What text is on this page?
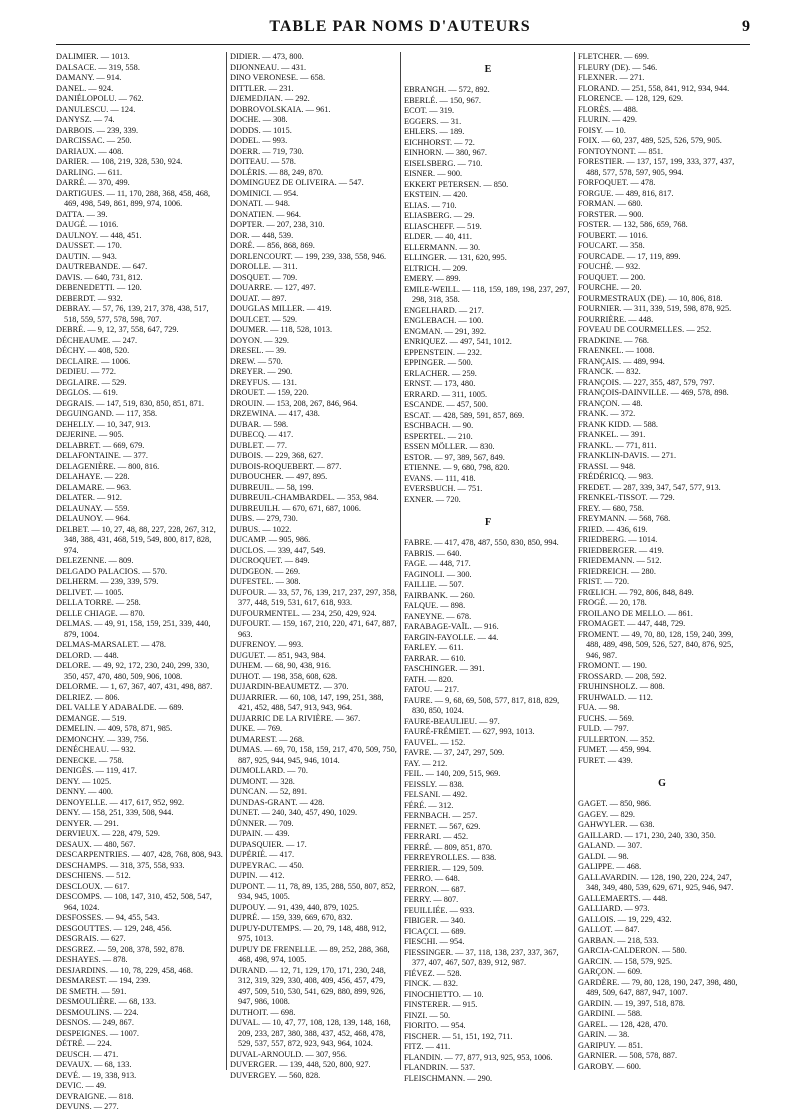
TABLE PAR NOMS D'AUTEURS	9
DALIMIER. — 1013.
DALSACE. — 319, 558.
DAMANY. — 914.
DANEL. — 924.
DANIÉLOPOLU. — 762.
DANULESCU. — 124.
DANYSZ. — 74.
DARBOIS. — 239, 339.
DARCISSAC. — 250.
DARIAUX. — 408.
DARIER. — 108, 219, 328, 530, 924.
DARLING. — 611.
DARRÉ. — 370, 499.
DARTIGUES. — 11, 170, 288, 368, 458, 468, 469, 498, 549, 861, 899, 974, 1006.
DATTA. — 39.
DAUGÉ. — 1016.
DAULNOY. — 448, 451.
DAUSSET. — 170.
DAUTIN. — 943.
DAUTREBANDE. — 647.
DAVIS. — 640, 731, 812.
DEBENEDETTI. — 120.
DEBERDT. — 932.
DEBRAY. — 57, 76, 139, 217, 378, 438, 517, 518, 559, 577, 578, 598, 707.
DEBRÉ. — 9, 12, 37, 558, 647, 729.
DÉCHEAUME. — 247.
DÉCHY. — 408, 520.
DECLAIRE. — 1006.
DEDIEU. — 772.
DEGLAIRE. — 529.
DEGLOS. — 619.
DEGRAIS. — 147, 519, 830, 850, 851, 871.
DEGUINGAND. — 117, 358.
DEHELLY. — 10, 347, 913.
DEJERINE. — 905.
DELABRET. — 669, 679.
DELAFONTAINE. — 377.
DELAGENIÈRE. — 800, 816.
DELAHAYE. — 228.
DELAMARE. — 963.
DELATER. — 912.
DELAUNAY. — 559.
DELAUNOY. — 964.
DELBET. — 10, 27, 48, 88, 227, 228, 267, 312, 348, 388, 431, 468, 519, 549, 800, 817, 828, 974.
DELEZENNE. — 809.
DELGADO PALACIOS. — 570.
DELHERM. — 239, 339, 579.
DELIVET. — 1005.
DELLA TORRE. — 258.
DELLE CHIAGE. — 870.
DELMAS. — 49, 91, 158, 159, 251, 339, 440, 879, 1004.
DELMAS-MARSALET. — 478.
DELORD. — 448.
DELORE. — 49, 92, 172, 230, 240, 299, 330, 350, 457, 470, 480, 509, 906, 1008.
DELORME. — 1, 67, 367, 407, 431, 498, 887.
DELRIEZ. — 806.
DEL VALLE Y ADABALDE. — 689.
DEMANGE. — 519.
DEMELIN. — 409, 578, 871, 985.
DEMONCHY. — 339, 756.
DENÉCHEAU. — 932.
DENECKE. — 758.
DENIGÈS. — 119, 417.
DENY. — 1025.
DENNY. — 400.
DENOYELLE. — 417, 617, 952, 992.
DENY. — 158, 251, 339, 508, 944.
DENYER. — 291.
DERVIEUX. — 228, 479, 529.
DESAUX. — 480, 567.
DESCARPENTRIES. — 407, 428, 768, 808, 943.
DESCHAMPS. — 318, 375, 558, 933.
DESCHIENS. — 512.
DESCLOUX. — 617.
DESCOMPS. — 108, 147, 310, 452, 508, 547, 964, 1024.
DESFOSSES. — 94, 455, 543.
DESGOUTTES. — 129, 248, 456.
DESGRAIS. — 627.
DESGREZ. — 59, 208, 378, 592, 878.
DESHAYES. — 878.
DESJARDINS. — 10, 78, 229, 458, 468.
DESMAREST. — 194, 239.
DE SMETH. — 591.
DESMOULIÈRE. — 68, 133.
DESMOULINS. — 224.
DESNOS. — 249, 867.
DESPEIGNES. — 1007.
DÉTRÉ. — 224.
DEUSCH. — 471.
DEVAUX. — 68, 133.
DEVÉ. — 19, 338, 913.
DEVIC. — 49.
DEVRAIGNE. — 818.
DEVUNS. — 277.
DIDIER. — 473, 800.
DIJONNEAU. — 431.
DINO VERONESE. — 658.
DITTLER. — 231.
DJEMEDJIAN. — 292.
DOBROVOLSKAIA. — 961.
DOCHE. — 308.
DODDS. — 1015.
DODEL. — 993.
DOERR. — 719, 730.
DOITEAU. — 578.
DOLÉRIS. — 88, 249, 870.
DOMINGUEZ DE OLIVEIRA. — 547.
DOMINICI. — 954.
DONATI. — 948.
DONATIEN. — 964.
DOPTER. — 207, 238, 310.
DOR. — 448, 539.
DORÉ. — 856, 868, 869.
DORLENCOURT. — 199, 239, 338, 558, 946.
DOROLLE. — 311.
DOSQUET. — 709.
DOUARRE. — 127, 497.
DOUAT. — 897.
DOUGLAS MILLER. — 419.
DOULCET. — 529.
DOUMER. — 118, 528, 1013.
DOYON. — 329.
DRESEL. — 39.
DREW. — 570.
DREYER. — 290.
DREYFUS. — 131.
DROUET. — 159, 220.
DROUIN. — 153, 208, 267, 846, 964.
DRZEWINA. — 417, 438.
DUBAR. — 598.
DUBECQ. — 417.
DUBLET. — 77.
DUBOIS. — 229, 368, 627.
DUBOIS-ROQUEBERT. — 877.
DUBOUCHER. — 497, 895.
DUBREUIL. — 58, 199.
DUBREUIL-CHAMBARDEL. — 353, 984.
DUBREUILH. — 670, 671, 687, 1006.
DUBS. — 279, 730.
DUBUS. — 1022.
DUCAMP. — 905, 986.
DUCLOS. — 339, 447, 549.
DUCROQUET. — 849.
DUDGEON. — 269.
DUFESTEL. — 308.
DUFOUR. — 33, 57, 76, 139, 217, 237, 297, 358, 377, 448, 519, 531, 617, 618, 933.
DUFOURMENTEL. — 234, 250, 429, 924.
DUFOURT. — 159, 167, 210, 220, 471, 647, 887, 963.
DUFRENOY. — 993.
DUGUET. — 851, 943, 984.
DUHEM. — 68, 90, 438, 916.
DUHOT. — 198, 358, 608, 628.
DUJARDIN-BEAUMETZ. — 370.
DUJARRIER. — 60, 108, 147, 199, 251, 388, 421, 452, 488, 547, 913, 943, 964.
DUJARRIC DE LA RIVIÈRE. — 367.
DUKE. — 769.
DUMAREST. — 268.
DUMAS. — 69, 70, 158, 159, 217, 470, 509, 750, 887, 925, 944, 945, 946, 1014.
DUMOLLARD. — 70.
DUMONT. — 328.
DUNCAN. — 52, 891.
DUNDAS-GRANT. — 428.
DUNET. — 240, 340, 457, 490, 1029.
DÜNNER. — 709.
DUPAIN. — 439.
DUPASQUIER. — 17.
DUPÉRIÉ. — 417.
DUPEYRAC. — 450.
DUPIN. — 412.
DUPONT. — 11, 78, 89, 135, 288, 550, 807, 852, 934, 945, 1005.
DUPOUY. — 91, 439, 440, 879, 1025.
DUPRÉ. — 159, 339, 669, 670, 832.
DUPUY-DUTEMPS. — 20, 79, 148, 488, 912, 975, 1013.
DUPUY DE FRENELLE. — 89, 252, 288, 368, 468, 498, 974, 1005.
DURAND. — 12, 71, 129, 170, 171, 230, 248, 312, 319, 329, 330, 408, 409, 456, 457, 479, 497, 509, 510, 530, 541, 629, 880, 899, 926, 947, 986, 1008.
DUTHOIT. — 698.
DUVAL. — 10, 47, 77, 108, 128, 139, 148, 168, 209, 233, 287, 380, 388, 437, 452, 468, 478, 529, 537, 557, 872, 923, 943, 964, 1024.
DUVAL-ARNOULD. — 307, 956.
DUVERGER. — 139, 448, 520, 800, 927.
DUVERGEY. — 560, 828.
E
EBRANGH. — 572, 892.
EBERLÉ. — 150, 967.
ECOT. — 319.
EGGERS. — 31.
EHLERS. — 189.
EICHHORST. — 72.
EINHORN. — 380, 967.
EISELSBERG. — 710.
EISNER. — 900.
EKKERT PETERSEN. — 850.
EKSTEIN. — 420.
ELIAS. — 710.
ELIASBERG. — 29.
ELIASCHEFF. — 519.
ELDER. — 40, 411.
ELLERMANN. — 30.
ELLINGER. — 131, 620, 995.
ELTRICH. — 209.
EMERY. — 899.
EMILE-WEILL. — 118, 159, 189, 198, 237, 297, 298, 318, 358.
ENGELHARD. — 217.
ENGLEBACH. — 100.
ENGMAN. — 291, 392.
ENRIQUEZ. — 497, 541, 1012.
EPPENSTEIN. — 232.
EPPINGER. — 500.
ERLACHER. — 259.
ERNST. — 173, 480.
ERRARD. — 311, 1005.
ESCANDE. — 457, 500.
ESCAT. — 428, 589, 591, 857, 869.
ESCHBACH. — 90.
ESPERTEL. — 210.
ESSEN MÖLLER. — 830.
ESTOR. — 97, 389, 567, 849.
ETIENNE. — 9, 680, 798, 820.
EVANS. — 111, 418.
EVERSBUCH. — 751.
EXNER. — 720.
F
FABRE. — 417, 478, 487, 550, 830, 850, 994.
FABRIS. — 640.
FAGE. — 448, 717.
FAGINOLI. — 300.
FAILLIE. — 507.
FAIRBANK. — 260.
FALQUE. — 898.
FANEYNE. — 678.
FARABAGE-VAÏL. — 916.
FARGIN-FAYOLLE. — 44.
FARLEY. — 611.
FARRAR. — 610.
FASCHINGER. — 391.
FATH. — 820.
FATOU. — 217.
FAURE. — 9, 68, 69, 508, 577, 817, 818, 829, 830, 850, 1024.
FAURE-BEAULIEU. — 97.
FAURÉ-FRÉMIET. — 627, 993, 1013.
FAUVEL. — 152.
FAVRE. — 37, 247, 297, 509.
FAY. — 212.
FEIL. — 140, 209, 515, 969.
FEISSLY. — 838.
FELSANI. — 492.
FÉRÉ. — 312.
FERNBACH. — 257.
FERNET. — 567, 629.
FERRARI. — 452.
FERRÉ. — 809, 851, 870.
FERREYROLLES. — 838.
FERRIER. — 129, 509.
FERRO. — 648.
FERRON. — 687.
FERRY. — 807.
FEUILLIÉE. — 933.
FIBIGER. — 340.
FICAÇCI. — 689.
FIESCHI. — 954.
FIESSINGER. — 37, 118, 138, 237, 337, 367, 377, 407, 467, 507, 839, 912, 987.
FIÉVEZ. — 528.
FINCK. — 832.
FINOCHIETTO. — 10.
FINSTERER. — 915.
FINZI. — 50.
FIORITO. — 954.
FISCHER. — 51, 151, 192, 711.
FITZ. — 411.
FLANDIN. — 77, 877, 913, 925, 953, 1006.
FLANDRIN. — 537.
FLEISCHMANN. — 290.
FLETCHER. — 699.
FLEURY (DE). — 546.
FLEXNER. — 271.
FLORAND. — 251, 558, 841, 912, 934, 944.
FLORENCE. — 128, 129, 629.
FLORÈS. — 488.
FLURIN. — 429.
FOISY. — 10.
FOIX. — 60, 237, 489, 525, 526, 579, 905.
FONTOYNONT. — 851.
FORESTIER. — 137, 157, 199, 333, 377, 437, 488, 577, 578, 597, 905, 994.
FORFOQUET. — 478.
FORGUE. — 489, 816, 817.
FORMAN. — 680.
FORSTER. — 900.
FOSTER. — 132, 586, 659, 768.
FOUBERT. — 1016.
FOUCART. — 358.
FOURCADE. — 17, 119, 899.
FOUCHÉ. — 932.
FOUQUET. — 200.
FOURCHE. — 20.
FOURMESTRAUX (DE). — 10, 806, 818.
FOURNIER. — 311, 339, 519, 598, 878, 925.
FOURRIÈRE. — 448.
FOVEAU DE COURMELLES. — 252.
FRADKINE. — 768.
FRAENKEL. — 1008.
FRANÇAIS. — 489, 994.
FRANCK. — 832.
FRANÇOIS. — 227, 355, 487, 579, 797.
FRANÇOIS-DAINVILLE. — 469, 578, 898.
FRANÇON. — 48.
FRANK. — 372.
FRANK KIDD. — 588.
FRANKEL. — 391.
FRANKL. — 771, 811.
FRANKLIN-DAVIS. — 271.
FRASSI. — 948.
FRÉDÉRICQ. — 983.
FREDET. — 287, 339, 347, 547, 577, 913.
FRENKEL-TISSOT. — 729.
FREY. — 680, 758.
FREYMANN. — 568, 768.
FRIED. — 436, 619.
FRIEDBERG. — 1014.
FRIEDBERGER. — 419.
FRIEDEMANN. — 512.
FRIEDREICH. — 280.
FRIST. — 720.
FRŒLICH. — 792, 806, 848, 849.
FROGÉ. — 20, 178.
FROILANO DE MELLO. — 861.
FROMAGET. — 447, 448, 729.
FROMENT. — 49, 70, 80, 128, 159, 240, 399, 488, 489, 498, 509, 526, 527, 840, 876, 925, 946, 987.
FROMONT. — 190.
FROSSARD. — 208, 592.
FRUHINSHOLZ. — 808.
FRUHWALD. — 112.
FUA. — 98.
FUCHS. — 569.
FULD. — 797.
FULLERTON. — 352.
FUMET. — 459, 994.
FURET. — 439.
G
GAGET. — 850, 986.
GAGEY. — 829.
GAHWYLER. — 638.
GAILLARD. — 171, 230, 240, 330, 350.
GALAND. — 307.
GALDI. — 98.
GALIPPE. — 468.
GALLAVARDIN. — 128, 190, 220, 224, 247, 348, 349, 480, 539, 629, 671, 925, 946, 947.
GALLEMAERTS. — 448.
GALLIARD. — 973.
GALLOIS. — 19, 229, 432.
GALLOT. — 847.
GARBAN. — 218, 533.
GARCIA-CALDERON. — 580.
GARCIN. — 158, 579, 925.
GARÇON. — 609.
GARDÈRE. — 79, 80, 128, 190, 247, 398, 480, 489, 509, 647, 887, 947, 1007.
GARDIN. — 19, 397, 518, 878.
GARDINI. — 588.
GAREL. — 128, 428, 470.
GARIN. — 38.
GARIPUY. — 851.
GARNIER. — 508, 578, 887.
GAROBY. — 600.
